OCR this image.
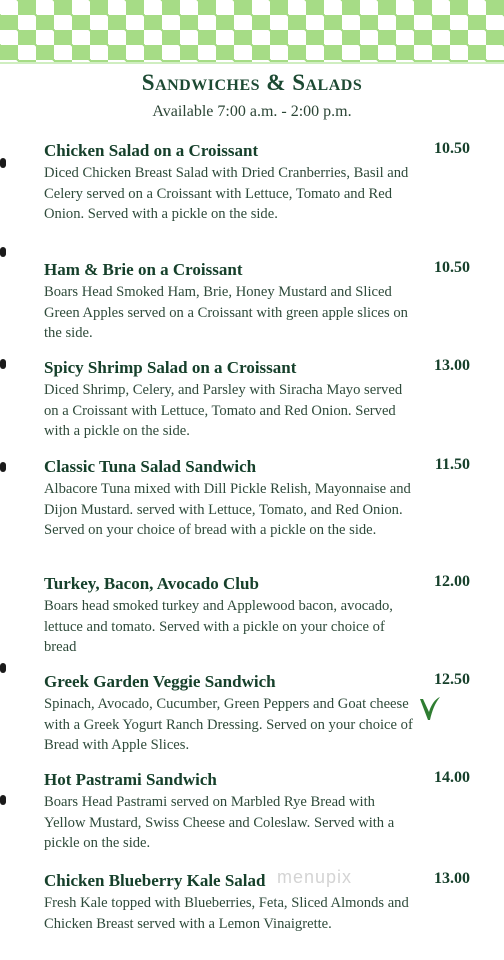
Sandwiches & Salads
Available 7:00 a.m. - 2:00 p.m.
Chicken Salad on a Croissant	10.50
Diced Chicken Breast Salad with Dried Cranberries, Basil and Celery served on a Croissant with Lettuce, Tomato and Red Onion. Served with a pickle on the side.
Ham & Brie on a Croissant	10.50
Boars Head Smoked Ham, Brie, Honey Mustard and Sliced Green Apples served on a Croissant with green apple slices on the side.
Spicy Shrimp Salad on a Croissant	13.00
Diced Shrimp, Celery, and Parsley with Siracha Mayo served on a Croissant with Lettuce, Tomato and Red Onion. Served with a pickle on the side.
Classic Tuna Salad Sandwich	11.50
Albacore Tuna mixed with Dill Pickle Relish, Mayonnaise and Dijon Mustard. served with Lettuce, Tomato, and Red Onion. Served on your choice of bread with a pickle on the side.
Turkey, Bacon, Avocado Club	12.00
Boars head smoked turkey and Applewood bacon, avocado, lettuce and tomato. Served with a pickle on your choice of bread
Greek Garden Veggie Sandwich	12.50
Spinach, Avocado, Cucumber, Green Peppers and Goat cheese with a Greek Yogurt Ranch Dressing. Served on your choice of Bread with Apple Slices.
Hot Pastrami Sandwich	14.00
Boars Head Pastrami served on Marbled Rye Bread with Yellow Mustard, Swiss Cheese and Coleslaw. Served with a pickle on the side.
Chicken Blueberry Kale Salad	13.00
Fresh Kale topped with Blueberries, Feta, Sliced Almonds and Chicken Breast served with a Lemon Vinaigrette.
menupix
